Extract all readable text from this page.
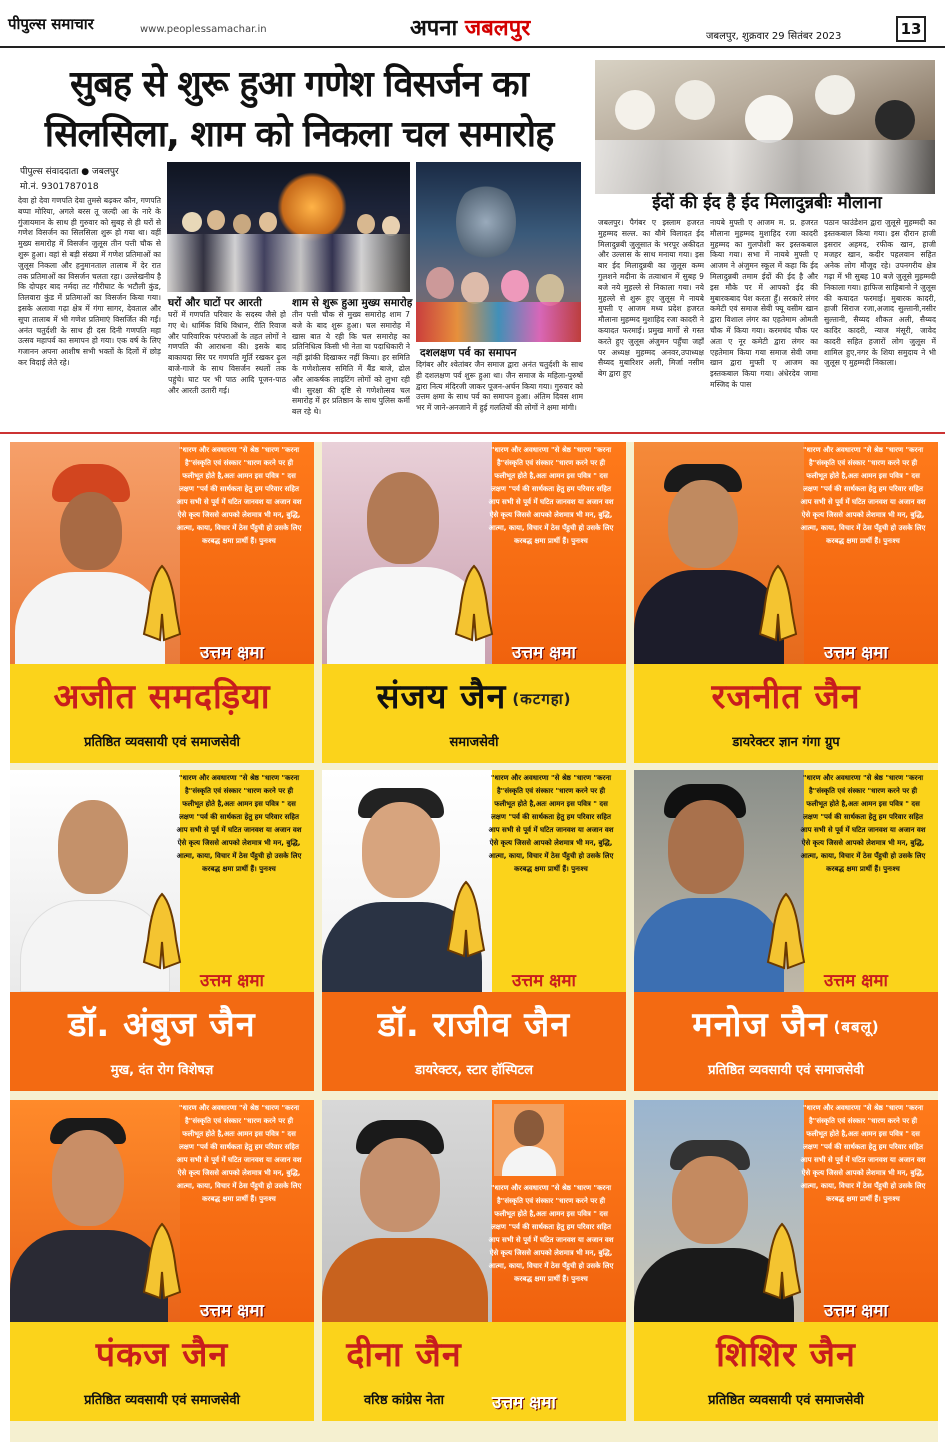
पीपुल्स समाचार	www.peoplessamachar.in	अपना जबलपुर	जबलपुर, शुक्रवार 29 सितंबर 2023	13
सुबह से शुरू हुआ गणेश विसर्जन का सिलसिला, शाम को निकला चल समारोह
पीपुल्स संवाददाता ● जबलपुर
मो.नं. 9301787018
देवा हो देवा गणपति देवा तुमसे बढ़कर कौन, गणपति बप्पा मोरिया, अगले बरस तू जल्दी आ के नारे के गुंजायमान के साथ ही गुरुवार को सुबह से ही घरों से गणेश विसर्जन का सिलसिला शुरू हो गया था। वहीं मुख्य समारोह में विसर्जन जुलूस तीन पत्ती चौक से शुरू हुआ। वहां से बड़ी संख्या में गणेश प्रतिमाओं का जुलूस निकला और हनुमानताल तालाब में देर रात तक प्रतिमाओं का विसर्जन चलता रहा। उल्लेखनीय है कि दोपहर बाद नर्मदा तट गौरीघाट के भटौली कुंड, तिलवारा कुंड में प्रतिमाओं का विसर्जन किया गया। इसके अलावा गढ़ा क्षेत्र में गंगा सागर, देवताल और सूपा तालाब में भी गणेश प्रतिमाएं विसर्जित की गईं। अनंत चतुर्दशी के साथ ही दस दिनी गणपति महा उत्सव महापर्व का समापन हो गया। एक वर्ष के लिए गजानन अपना आशीष सभी भक्तों के दिलों में छोड़ कर विदाई लेते रहे।
घरों और घाटों पर आरती
घरों में गणपति परिवार के सदस्य जैसे हो गए थे। धार्मिक विधि विधान, रीति रिवाज और पारिवारिक परंपराओं के तहत लोगों ने गणपति की आराधना की। इसके बाद बाकायदा सिर पर गणपति मूर्ति रखकर ढ़ुल बाजे-गाजे के साथ विसर्जन स्थलों तक पहुंचे। घाट पर भी पाठ आदि पूजन-पाठ और आरती उतारी गई।
शाम से शुरू हुआ मुख्य समारोह
तीन पत्ती चौक से मुख्य समारोह शाम 7 बजे के बाद शुरू हुआ। चल समारोह में खास बात ये रही कि चल समारोह का प्रतिनिधित्व किसी भी नेता या पदाधिकारी ने नहीं झांकी दिखाकर नहीं किया। हर समिति के गणेशोत्सव समिति में बैंड बाजे, ढोल और आकर्षक लाइटिंग लोगों को लुभा रही थी। सुरक्षा की दृष्टि से गणेशोत्सव चल समारोह में हर प्रतिष्ठान के साथ पुलिस कर्मी बल रहे थे।
दशलक्षण पर्व का समापन
दिगंबर और श्वेतांबर जैन समाज द्वारा अनंत चतुर्दशी के साथ ही दशलक्षण पर्व शुरू हुआ था। जैन समाज के महिला-पुरुषों द्वारा नित्य मंदिरजी जाकर पूजन-अर्चन किया गया। गुरुवार को उत्तम क्षमा के साथ पर्व का समापन हुआ। अंतिम दिवस शाम भर में जाने-अनजाने में हुई गलतियों की लोगों ने क्षमा मांगी।
ईदों की ईद है ईद मिलादुन्नबीः मौलाना
जबलपुर। पैगंबर ए इस्लाम हजरत मुहम्मद सल्ल. का यौमे विलादत ईद मिलादुन्नबी जुलूसात के भरपूर अकीदत और उल्लास के साथ मनाया गया। इस बार ईद मिलादुन्नबी का जुलूस कम्म गुलशने मदीना के तत्वाधान में सुबह 9 बजे नये मुहल्ले से निकाला गया। नये मुहल्ले से शुरू हुए जुलूस मे नायबे मुफ्ती ए आजम मध्य प्रदेश हजरत मौलाना मुहम्मद मुशाहिद रजा कादरी ने कयादत फरमाई। प्रमुख मार्गो से गस्त करते हुए जुलूस अंजुमन पहुँचा जहाँ पर अध्यक्ष मुहम्मद अनवर,उपाध्यक्ष सैय्यद मुबारिशर अली, मिर्जा नसीम बेग द्वारा हुए
नायबे मुफ्ती ए आजम म. प्र. हजरत मौलाना मुहम्मद मुशाहिद रजा कादरी मुहम्मद का गुलपोशी कर इस्तकबाल किया गया। सभा में नायबे मुफ्ती ए आजम ने अंजुमन स्कूल में कहा कि ईद मिलादुन्नबी तमाम ईदों की ईद है और इस मौके पर में आपको ईद की मुबारकबाद पेश करता हूँ। सरकारे लंगर कमेटी एवं समाज सेवी फ्यू वसीम खान द्वारा विशाल लंगर का एहतेमाम ओमती चौक में किया गया। करमचंद चौक पर अता ए नूर कमेटी द्वारा लंगर का एहतेमाम किया गया समाज सेवी जमा खान द्वारा मुफ्ती ए आजम का इस्तकबाल किया गया। अंधेरदेव जामा मस्जिद के पास
पठान फाउंडेशन द्वारा जुलूसे मुहम्मदी का इस्तकबाल किया गया। इस दौरान हाजी इसरार अहमद, रफीक खान, हाजी मजहर खान, कदीर पहलवान सहित अनेक लोग मौजूद रहे। उपनगरीय क्षेत्र गढ़ा में भी सुबह 10 बजे जुलूसे मुहम्मदी निकाला गया। हाफिज साहिबानो ने जुलूस की कयादत फरमाई। मुबारक कादरी, हाजी सिराज रजा,अजाद सुल्तानी,नसीर सुल्तानी, सैय्यद शौकत अली, सैय्यद कादिर कादरी, न्याज मंसूरी, जावेद कादरी सहित हजारों लोग जुलूस में शामिल हुए,नगर के शिया समुदाय ने भी जुलूस ए मुहम्मदी निकाला।
"धारण और अवधारणा "से श्रेष्ठ "धारण "करना है"संस्कृति एवं संस्कार "धारण करने पर ही फलीभूत होते है,अतः आमन इस पवित्र " दस लक्षण "पर्व की सार्थकता हेतु हम परिवार सहित आप सभी से पूर्व में घटित जानवश या अजान वश ऐसे कृत्य जिससे आपको लेशमात्र भी मन, बुद्धि, आत्मा, काया, विचार में ठेस पँहुची हो उसके लिए करबद्ध क्षमा प्रार्थी हैं। पुनःश्च
उत्तम क्षमा
अजीत समदड़िया
प्रतिष्ठित व्यवसायी एवं समाजसेवी
"धारण और अवधारणा "से श्रेष्ठ "धारण "करना है"संस्कृति एवं संस्कार "धारण करने पर ही फलीभूत होते है,अतः आमन इस पवित्र " दस लक्षण "पर्व की सार्थकता हेतु हम परिवार सहित आप सभी से पूर्व में घटित जानवश या अजान वश ऐसे कृत्य जिससे आपको लेशमात्र भी मन, बुद्धि, आत्मा, काया, विचार में ठेस पँहुची हो उसके लिए करबद्ध क्षमा प्रार्थी हैं। पुनःश्च
उत्तम क्षमा
संजय जैन (कटगहा)
समाजसेवी
"धारण और अवधारणा "से श्रेष्ठ "धारण "करना है"संस्कृति एवं संस्कार "धारण करने पर ही फलीभूत होते है,अतः आमन इस पवित्र " दस लक्षण "पर्व की सार्थकता हेतु हम परिवार सहित आप सभी से पूर्व में घटित जानवश या अजान वश ऐसे कृत्य जिससे आपको लेशमात्र भी मन, बुद्धि, आत्मा, काया, विचार में ठेस पँहुची हो उसके लिए करबद्ध क्षमा प्रार्थी हैं। पुनःश्च
उत्तम क्षमा
रजनीत जैन
डायरेक्टर ज्ञान गंगा ग्रुप
"धारण और अवधारणा "से श्रेष्ठ "धारण "करना है"संस्कृति एवं संस्कार "धारण करने पर ही फलीभूत होते है,अतः आमन इस पवित्र " दस लक्षण "पर्व की सार्थकता हेतु हम परिवार सहित आप सभी से पूर्व में घटित जानवश या अजान वश ऐसे कृत्य जिससे आपको लेशमात्र भी मन, बुद्धि, आत्मा, काया, विचार में ठेस पँहुची हो उसके लिए करबद्ध क्षमा प्रार्थी हैं। पुनःश्च
उत्तम क्षमा
डॉ. अंबुज जैन
मुख, दंत रोग विशेषज्ञ
"धारण और अवधारणा "से श्रेष्ठ "धारण "करना है"संस्कृति एवं संस्कार "धारण करने पर ही फलीभूत होते है,अतः आमन इस पवित्र " दस लक्षण "पर्व की सार्थकता हेतु हम परिवार सहित आप सभी से पूर्व में घटित जानवश या अजान वश ऐसे कृत्य जिससे आपको लेशमात्र भी मन, बुद्धि, आत्मा, काया, विचार में ठेस पँहुची हो उसके लिए करबद्ध क्षमा प्रार्थी हैं। पुनःश्च
उत्तम क्षमा
डॉ. राजीव जैन
डायरेक्टर, स्टार हॉस्पिटल
"धारण और अवधारणा "से श्रेष्ठ "धारण "करना है"संस्कृति एवं संस्कार "धारण करने पर ही फलीभूत होते है,अतः आमन इस पवित्र " दस लक्षण "पर्व की सार्थकता हेतु हम परिवार सहित आप सभी से पूर्व में घटित जानवश या अजान वश ऐसे कृत्य जिससे आपको लेशमात्र भी मन, बुद्धि, आत्मा, काया, विचार में ठेस पँहुची हो उसके लिए करबद्ध क्षमा प्रार्थी हैं। पुनःश्च
उत्तम क्षमा
मनोज जैन (बबलू)
प्रतिष्ठित व्यवसायी एवं समाजसेवी
"धारण और अवधारणा "से श्रेष्ठ "धारण "करना है"संस्कृति एवं संस्कार "धारण करने पर ही फलीभूत होते है,अतः आमन इस पवित्र " दस लक्षण "पर्व की सार्थकता हेतु हम परिवार सहित आप सभी से पूर्व में घटित जानवश या अजान वश ऐसे कृत्य जिससे आपको लेशमात्र भी मन, बुद्धि, आत्मा, काया, विचार में ठेस पँहुची हो उसके लिए करबद्ध क्षमा प्रार्थी हैं। पुनःश्च
उत्तम क्षमा
पंकज जैन
प्रतिष्ठित व्यवसायी एवं समाजसेवी
"धारण और अवधारणा "से श्रेष्ठ "धारण "करना है"संस्कृति एवं संस्कार "धारण करने पर ही फलीभूत होते है,अतः आमन इस पवित्र " दस लक्षण "पर्व की सार्थकता हेतु हम परिवार सहित आप सभी से पूर्व में घटित जानवश या अजान वश ऐसे कृत्य जिससे आपको लेशमात्र भी मन, बुद्धि, आत्मा, काया, विचार में ठेस पँहुची हो उसके लिए करबद्ध क्षमा प्रार्थी हैं। पुनःश्च
उत्तम क्षमा
दीना जैन
वरिष्ठ कांग्रेस नेता
"धारण और अवधारणा "से श्रेष्ठ "धारण "करना है"संस्कृति एवं संस्कार "धारण करने पर ही फलीभूत होते है,अतः आमन इस पवित्र " दस लक्षण "पर्व की सार्थकता हेतु हम परिवार सहित आप सभी से पूर्व में घटित जानवश या अजान वश ऐसे कृत्य जिससे आपको लेशमात्र भी मन, बुद्धि, आत्मा, काया, विचार में ठेस पँहुची हो उसके लिए करबद्ध क्षमा प्रार्थी हैं। पुनःश्च
उत्तम क्षमा
शिशिर जैन
प्रतिष्ठित व्यवसायी एवं समाजसेवी
